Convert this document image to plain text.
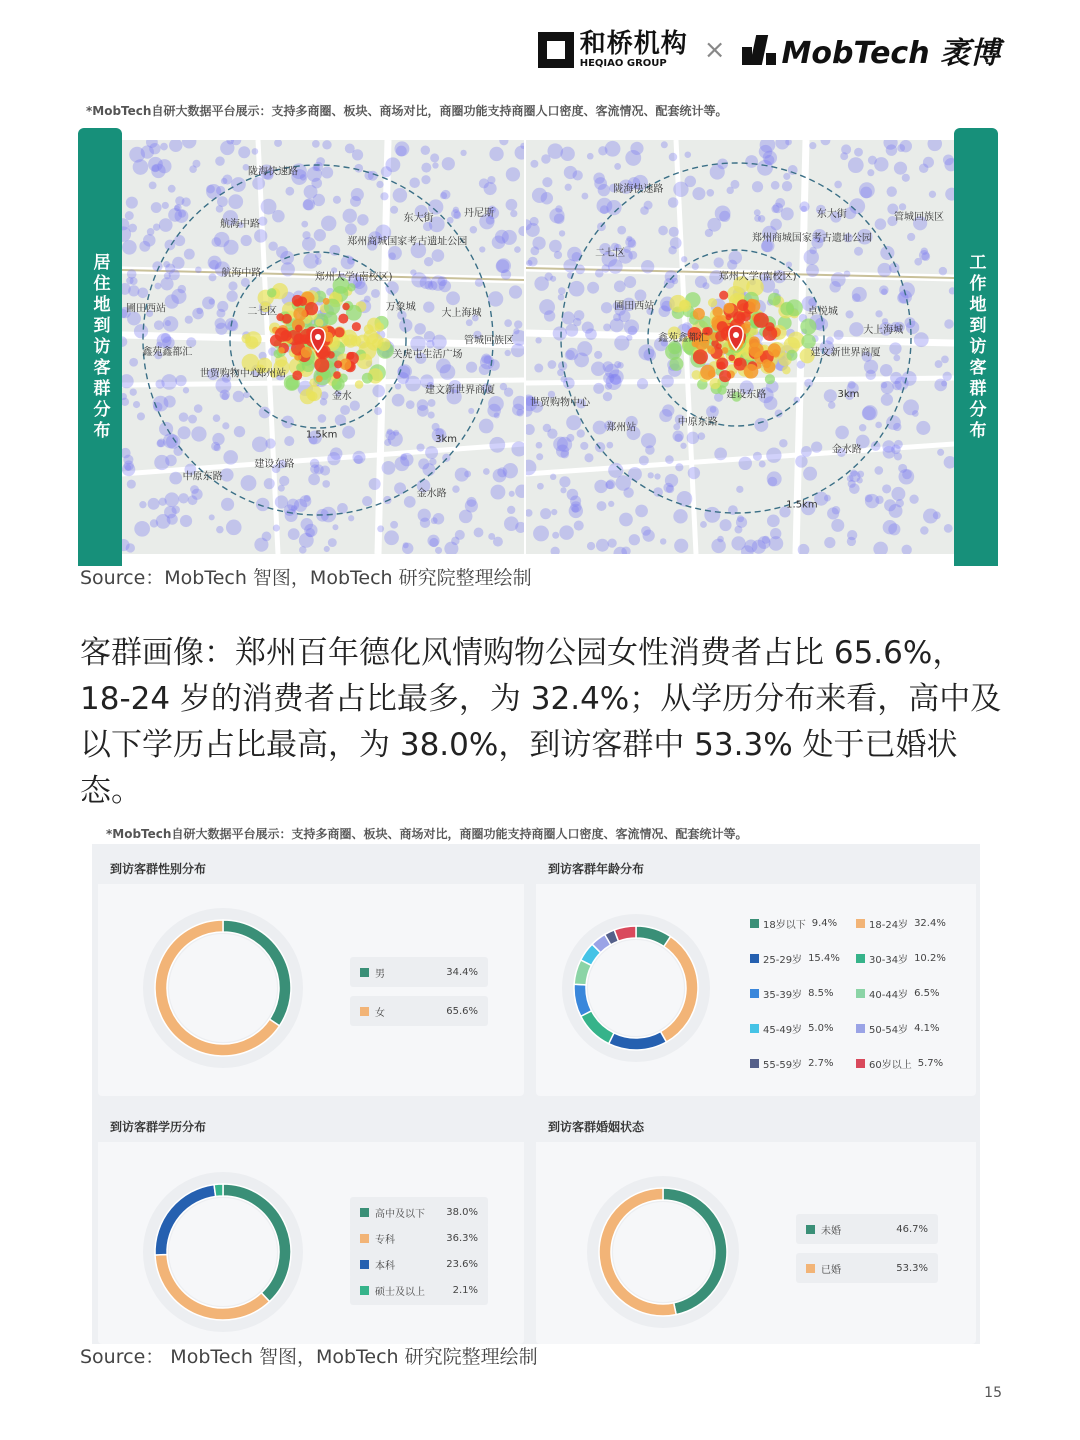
和桥机构
HEQIAO GROUP	× MobTech 袤博
*MobTech自研大数据平台展示：支持多商圈、板块、商场对比，商圈功能支持商圈人口密度、客流情况、配套统计等。
居住地到访客群分布	工作地到访客群分布
关虎屯生活广场
建文新世界商厦
3km
金水路
金水
1.5km
建设东路
中原东路
郑州站
世贸购物中心
鑫苑鑫都汇
圃田西站	二七区
航海中路
航海中路
陇海快速路
郑州大学(南校区)
郑州商城国家考古遗址公园
东大街	丹尼斯
万象城
大上海城
管城回族区
建文新世界商厦
3km
金水路
1.5km
建设东路
中原东路
郑州站
世贸购物中心
鑫苑鑫都汇
圃田西站
二七区
陇海快速路
郑州大学(南校区)
郑州商城国家考古遗址公园
东大街	管城回族区
卓悦城
大上海城
Source：MobTech 智图，MobTech 研究院整理绘制
客群画像：郑州百年德化风情购物公园女性消费者占比 65.6%，18-24 岁的消费者占比最多，为 32.4%；从学历分布来看，高中及以下学历占比最高，为 38.0%，到访客群中 53.3% 处于已婚状态。
*MobTech自研大数据平台展示：支持多商圈、板块、商场对比，商圈功能支持商圈人口密度、客流情况、配套统计等。
到访客群性别分布
男	34.4%
女	65.6%
到访客群年龄分布
18岁以下 9.4%	18-24岁 32.4%
25-29岁 15.4%	30-34岁 10.2%
35-39岁 8.5%	40-44岁 6.5%
45-49岁 5.0%	50-54岁 4.1%
55-59岁 2.7%	60岁以上 5.7%
到访客群学历分布
高中及以下	38.0%
专科	36.3%
本科	23.6%
硕士及以上	2.1%
到访客群婚姻状态
未婚	46.7%
已婚	53.3%
Source： MobTech 智图，MobTech 研究院整理绘制
15
